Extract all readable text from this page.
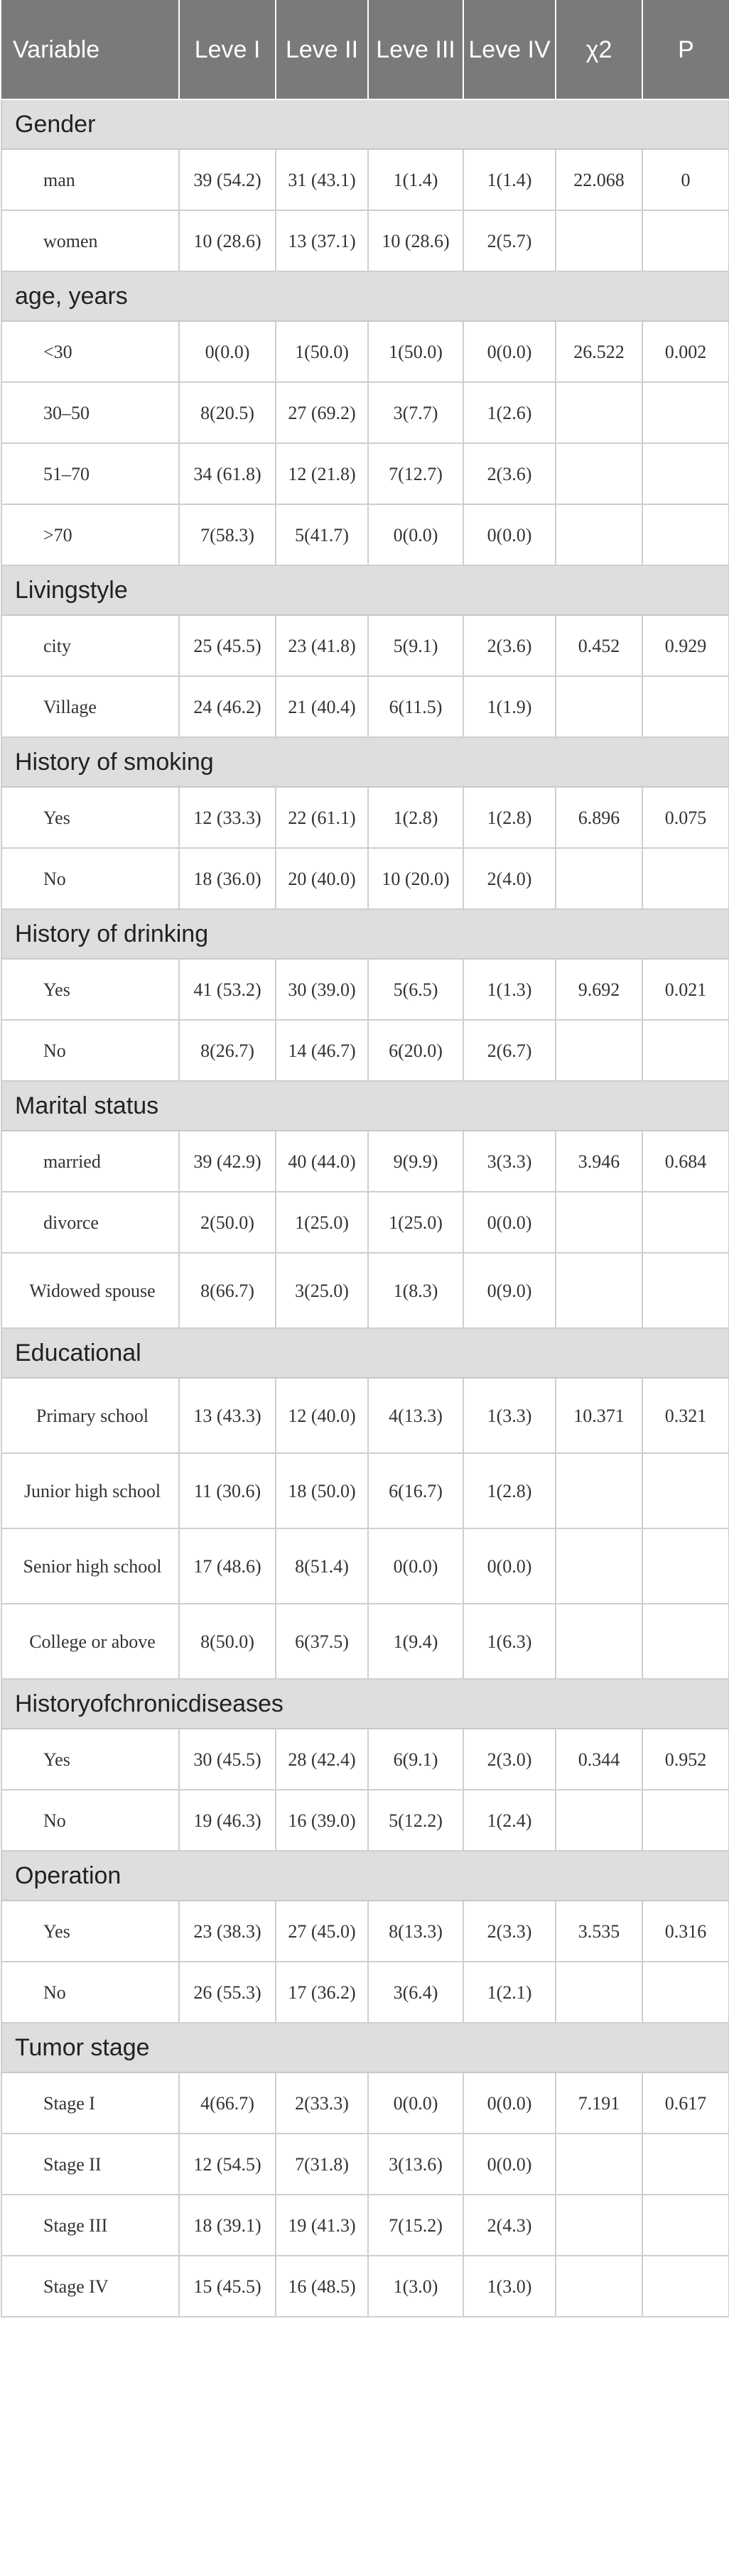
Variable	Leve I	Leve II	Leve III	Leve IV	χ2	P
Gender						
man	39 (54.2)	31 (43.1)	1(1.4)	1(1.4)	22.068	0
women	10 (28.6)	13 (37.1)	10 (28.6)	2(5.7)		
age, years						
<30	0(0.0)	1(50.0)	1(50.0)	0(0.0)	26.522	0.002
30–50	8(20.5)	27 (69.2)	3(7.7)	1(2.6)		
51–70	34 (61.8)	12 (21.8)	7(12.7)	2(3.6)		
>70	7(58.3)	5(41.7)	0(0.0)	0(0.0)		
Livingstyle						
city	25 (45.5)	23 (41.8)	5(9.1)	2(3.6)	0.452	0.929
Village	24 (46.2)	21 (40.4)	6(11.5)	1(1.9)		
History of smoking						
Yes	12 (33.3)	22 (61.1)	1(2.8)	1(2.8)	6.896	0.075
No	18 (36.0)	20 (40.0)	10 (20.0)	2(4.0)		
History of drinking						
Yes	41 (53.2)	30 (39.0)	5(6.5)	1(1.3)	9.692	0.021
No	8(26.7)	14 (46.7)	6(20.0)	2(6.7)		
Marital status						
married	39 (42.9)	40 (44.0)	9(9.9)	3(3.3)	3.946	0.684
divorce	2(50.0)	1(25.0)	1(25.0)	0(0.0)		
Widowed spouse	8(66.7)	3(25.0)	1(8.3)	0(9.0)		
Educational						
Primary school	13 (43.3)	12 (40.0)	4(13.3)	1(3.3)	10.371	0.321
Junior high school	11 (30.6)	18 (50.0)	6(16.7)	1(2.8)		
Senior high school	17 (48.6)	8(51.4)	0(0.0)	0(0.0)		
College or above	8(50.0)	6(37.5)	1(9.4)	1(6.3)		
Historyofchronicdiseases						
Yes	30 (45.5)	28 (42.4)	6(9.1)	2(3.0)	0.344	0.952
No	19 (46.3)	16 (39.0)	5(12.2)	1(2.4)		
Operation						
Yes	23 (38.3)	27 (45.0)	8(13.3)	2(3.3)	3.535	0.316
No	26 (55.3)	17 (36.2)	3(6.4)	1(2.1)		
Tumor stage						
Stage I	4(66.7)	2(33.3)	0(0.0)	0(0.0)	7.191	0.617
Stage II	12 (54.5)	7(31.8)	3(13.6)	0(0.0)		
Stage III	18 (39.1)	19 (41.3)	7(15.2)	2(4.3)		
Stage IV	15 (45.5)	16 (48.5)	1(3.0)	1(3.0)		
